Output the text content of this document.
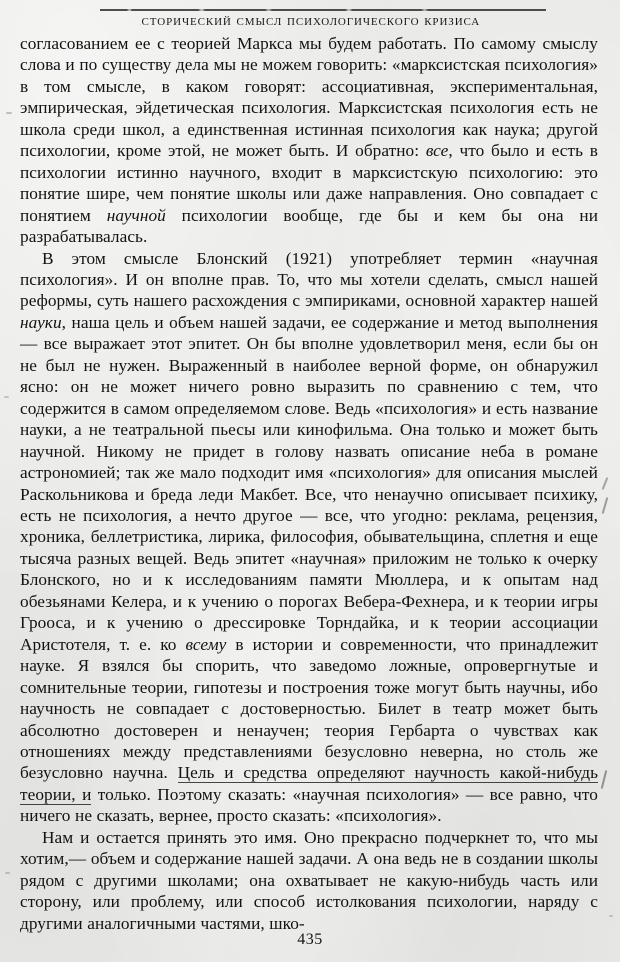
исторический смысл психологического кризиса

согласованием ее с теорией Маркса мы будем работать. По самому смыслу слова и по существу дела мы не можем говорить: «марксистская психология» в том смысле, в каком говорят: ассоциативная, экспериментальная, эмпирическая, эйдетическая психология. Марксистская психология есть не школа среди школ, а единственная истинная психология как наука; другой психологии, кроме этой, не может быть. И обратно: все, что было и есть в психологии истинно научного, входит в марксистскую психологию: это понятие шире, чем понятие школы или даже направления. Оно совпадает с понятием научной психологии вообще, где бы и кем бы она ни разрабатывалась.

В этом смысле Блонский (1921) употребляет термин «научная психология». И он вполне прав. То, что мы хотели сделать, смысл нашей реформы, суть нашего расхождения с эмпириками, основной характер нашей науки, наша цель и объем нашей задачи, ее содержание и метод выполнения — все выражает этот эпитет. Он бы вполне удовлетворил меня, если бы он не был не нужен. Выраженный в наиболее верной форме, он обнаружил ясно: он не может ничего ровно выразить по сравнению с тем, что содержится в самом определяемом слове. Ведь «психология» и есть название науки, а не театральной пьесы или кинофильма. Она только и может быть научной. Никому не придет в голову назвать описание неба в романе астрономией; так же мало подходит имя «психология» для описания мыслей Раскольникова и бреда леди Макбет. Все, что ненаучно описывает психику, есть не психология, а нечто другое — все, что угодно: реклама, рецензия, хроника, беллетристика, лирика, философия, обывательщина, сплетня и еще тысяча разных вещей. Ведь эпитет «научная» приложим не только к очерку Блонского, но и к исследованиям памяти Мюллера, и к опытам над обезьянами Келера, и к учению о порогах Вебера-Фехнера, и к теории игры Грооса, и к учению о дрессировке Торндайка, и к теории ассоциации Аристотеля, т. е. ко всему в истории и современности, что принадлежит науке. Я взялся бы спорить, что заведомо ложные, опровергнутые и сомнительные теории, гипотезы и построения тоже могут быть научны, ибо научность не совпадает с достоверностью. Билет в театр может быть абсолютно достоверен и ненаучен; теория Гербарта о чувствах как отношениях между представлениями безусловно неверна, но столь же безусловно научна. Цель и средства определяют научность какой-нибудь теории, и только. Поэтому сказать: «научная психология» — все равно, что ничего не сказать, вернее, просто сказать: «психология».

Нам и остается принять это имя. Оно прекрасно подчеркнет то, что мы хотим,— объем и содержание нашей задачи. А она ведь не в создании школы рядом с другими школами; она охватывает не какую-нибудь часть или сторону, или проблему, или способ истолкования психологии, наряду с другими аналогичными частями, шко-

435
